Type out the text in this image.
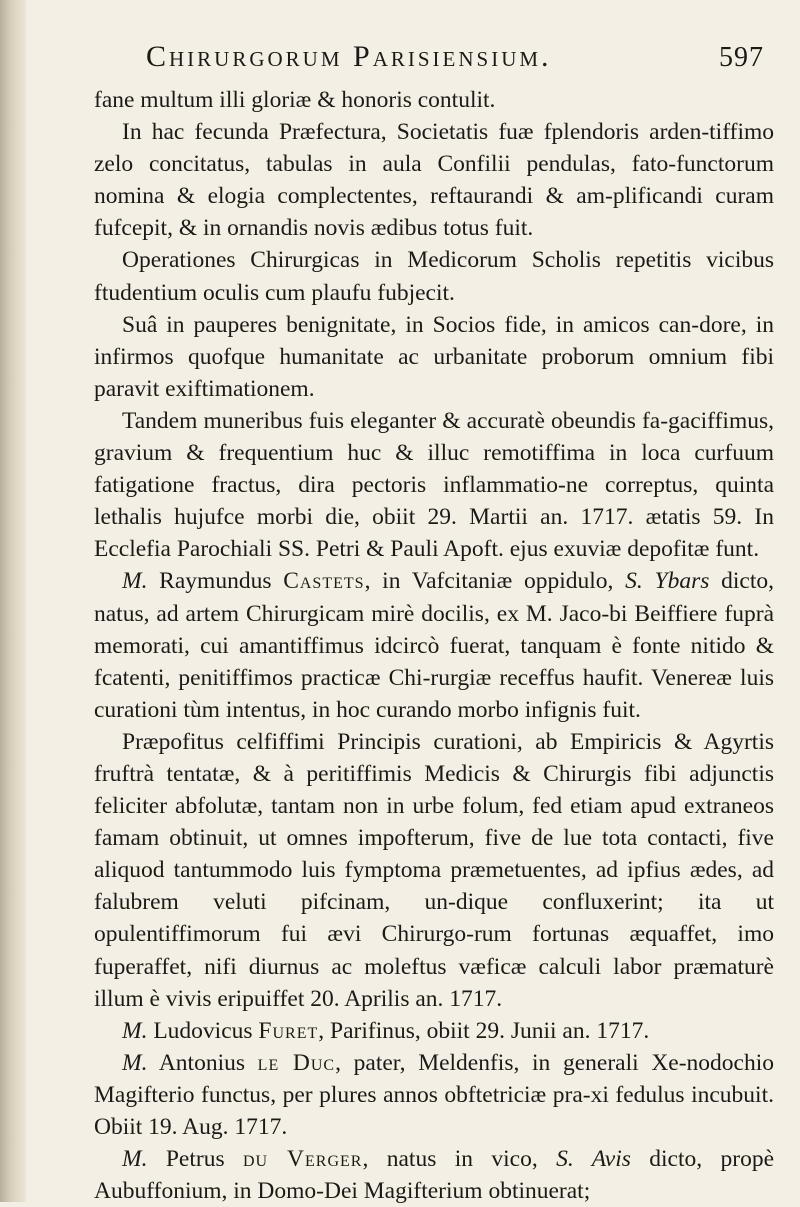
Chirurgorum Parisiensium.	597

fane multum illi gloriæ & honoris contulit.

In hac fecunda Præfectura, Societatis fuæ fplendoris arden-tiffimo zelo concitatus, tabulas in aula Confilii pendulas, fato-functorum nomina & elogia complectentes, reftaurandi & am-plificandi curam fufcepit, & in ornandis novis ædibus totus fuit.

Operationes Chirurgicas in Medicorum Scholis repetitis vicibus ftudentium oculis cum plaufu fubjecit.

Suâ in pauperes benignitate, in Socios fide, in amicos can-dore, in infirmos quofque humanitate ac urbanitate proborum omnium fibi paravit exiftimationem.

Tandem muneribus fuis eleganter & accuratè obeundis fa-gaciffimus, gravium & frequentium huc & illuc remotiffima in loca curfuum fatigatione fractus, dira pectoris inflammatio-ne correptus, quinta lethalis hujufce morbi die, obiit 29. Martii an. 1717. ætatis 59. In Ecclefia Parochiali SS. Petri & Pauli Apoft. ejus exuviæ depofitæ funt.

M. Raymundus Castets, in Vafcitaniæ oppidulo, S. Ybars dicto, natus, ad artem Chirurgicam mirè docilis, ex M. Jaco-bi Beiffiere fuprà memorati, cui amantiffimus idcircò fuerat, tanquam è fonte nitido & fcatenti, penitiffimos practicæ Chi-rurgiæ receffus haufit. Venereæ luis curationi tùm intentus, in hoc curando morbo infignis fuit.

Præpofitus celfiffimi Principis curationi, ab Empiricis & Agyrtis fruftrà tentatæ, & à peritiffimis Medicis & Chirurgis fibi adjunctis feliciter abfolutæ, tantam non in urbe folum, fed etiam apud extraneos famam obtinuit, ut omnes impofterum, five de lue tota contacti, five aliquod tantummodo luis fymptoma præmetuentes, ad ipfius ædes, ad falubrem veluti pifcinam, un-dique confluxerint; ita ut opulentiffimorum fui ævi Chirurgo-rum fortunas æquaffet, imo fuperaffet, nifi diurnus ac moleftus væficæ calculi labor præmaturè illum è vivis eripuiffet 20. Aprilis an. 1717.

M. Ludovicus Furet, Parifinus, obiit 29. Junii an. 1717.

M. Antonius le Duc, pater, Meldenfis, in generali Xe-nodochio Magifterio functus, per plures annos obftetriciæ pra-xi fedulus incubuit. Obiit 19. Aug. 1717.

M. Petrus du Verger, natus in vico, S. Avis dicto, propè Aubuffonium, in Domo-Dei Magifterium obtinuerat;
